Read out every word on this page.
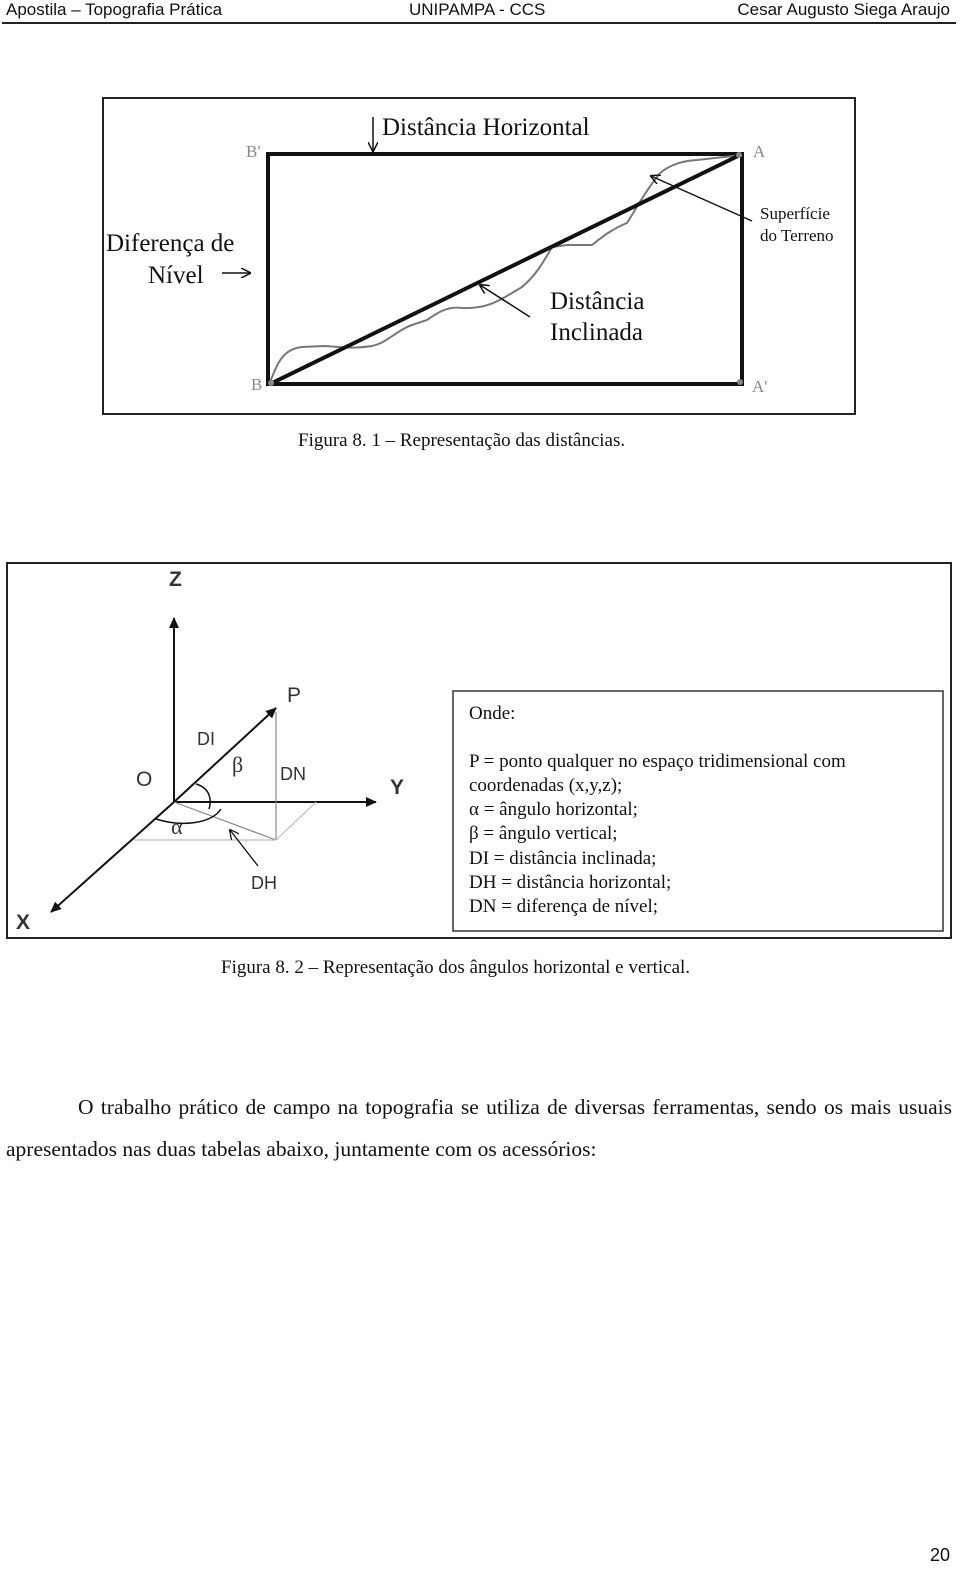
Apostila – Topografia Prática	UNIPAMPA - CCS	Cesar Augusto Siega Araujo
Distância Horizontal
B'	A
B	A'
Diferença de
Nível
Superfície
do Terreno
Distância
Inclinada
Figura 8. 1 – Representação das distâncias.
Z
Y
X
O
P
DI
DN
DH
β
α
Onde:
P = ponto qualquer no espaço tridimensional com
coordenadas (x,y,z);
α = ângulo horizontal;
β = ângulo vertical;
DI = distância inclinada;
DH = distância horizontal;
DN = diferença de nível;
Figura 8. 2 – Representação dos ângulos horizontal e vertical.

O trabalho prático de campo na topografia se utiliza de diversas ferramentas, sendo os mais usuais apresentados nas duas tabelas abaixo, juntamente com os acessórios:

20
